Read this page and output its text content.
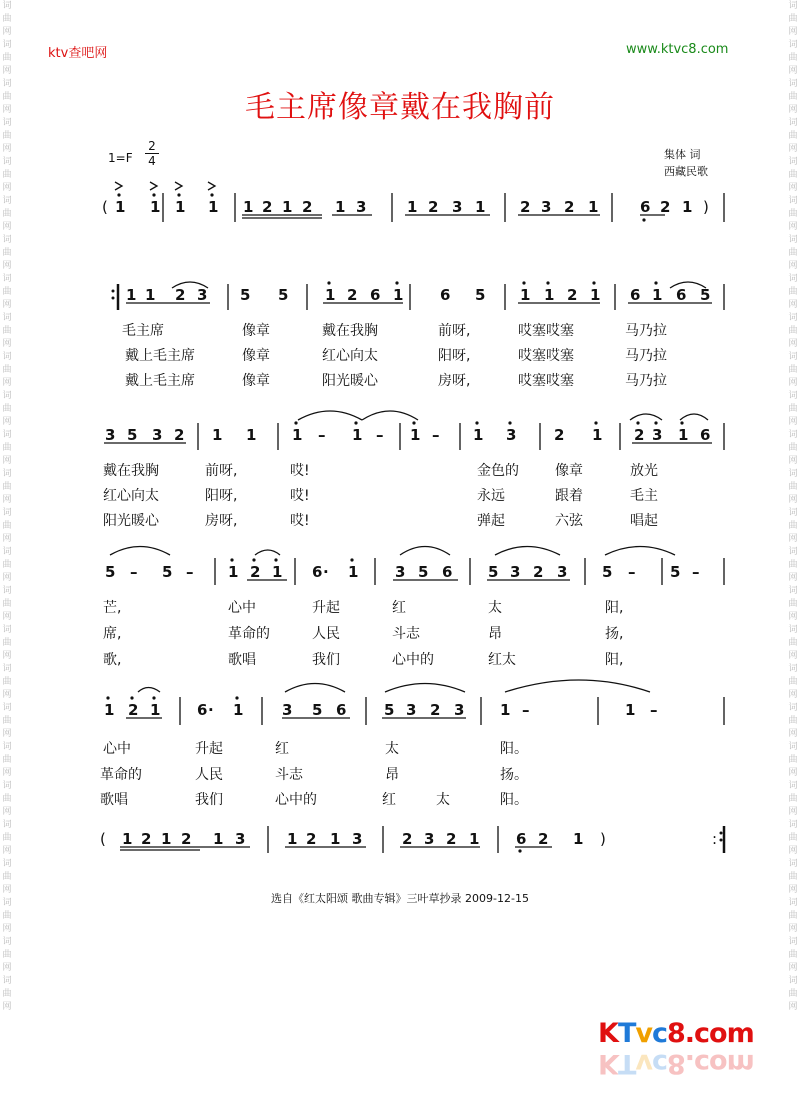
词曲网词曲网词曲网词曲网词曲网词曲网词曲网词曲网词曲网词曲网词曲网词曲网词曲网词曲网词曲网词曲网词曲网词曲网词曲网词曲网词曲网词曲网词曲网词曲网词曲网词曲网
词曲网词曲网词曲网词曲网词曲网词曲网词曲网词曲网词曲网词曲网词曲网词曲网词曲网词曲网词曲网词曲网词曲网词曲网词曲网词曲网词曲网词曲网词曲网词曲网词曲网词曲网
ktv查吧网	www.ktvc8.com
毛主席像章戴在我胸前
1=F
2
4	集体 词
西藏民歌
( 1 1 1 1 1 2 1 2 1 3	1 2 3 1 2 3 2 1	6 2 1 )
1 1 2 3 5 5 1 2 6 1 6 5 1 1 2 1 6 1 6 5
3 5 3 2 1 1 1 – 1 – 1 – 1 3	2 1 2 3 1 6
5 – 5 – 1 2 1 6 · 1 3 5 6 5 3 2 3 5 – 5 –
1 2 1 6 · 1	3 5 6	5 3 2 3 1 –	1 –
( 1 2 1 2 1 3	1 2 1 3	2 3 2 1 6 2 1 )	:
毛主席	像章	戴在我胸	前呀,	哎塞哎塞	马乃拉
戴上毛主席	像章	红心向太	阳呀,	哎塞哎塞	马乃拉
戴上毛主席	像章	阳光暖心	房呀,	哎塞哎塞	马乃拉
戴在我胸	前呀,	哎!	金色的	像章	放光
红心向太	阳呀,	哎!	永远	跟着	毛主
阳光暖心	房呀,	哎!	弹起	六弦	唱起
芒,	心中	升起	红	太	阳,
席,	革命的	人民	斗志	昂	扬,
歌,	歌唱	我们	心中的	红太	阳,
心中	升起	红	太	阳。
革命的	人民	斗志	昂	扬。
歌唱	我们	心中的	红	太	阳。
选自《红太阳颂 歌曲专辑》三叶草抄录 2009-12-15
KTvc8.com
KTvc8.com
